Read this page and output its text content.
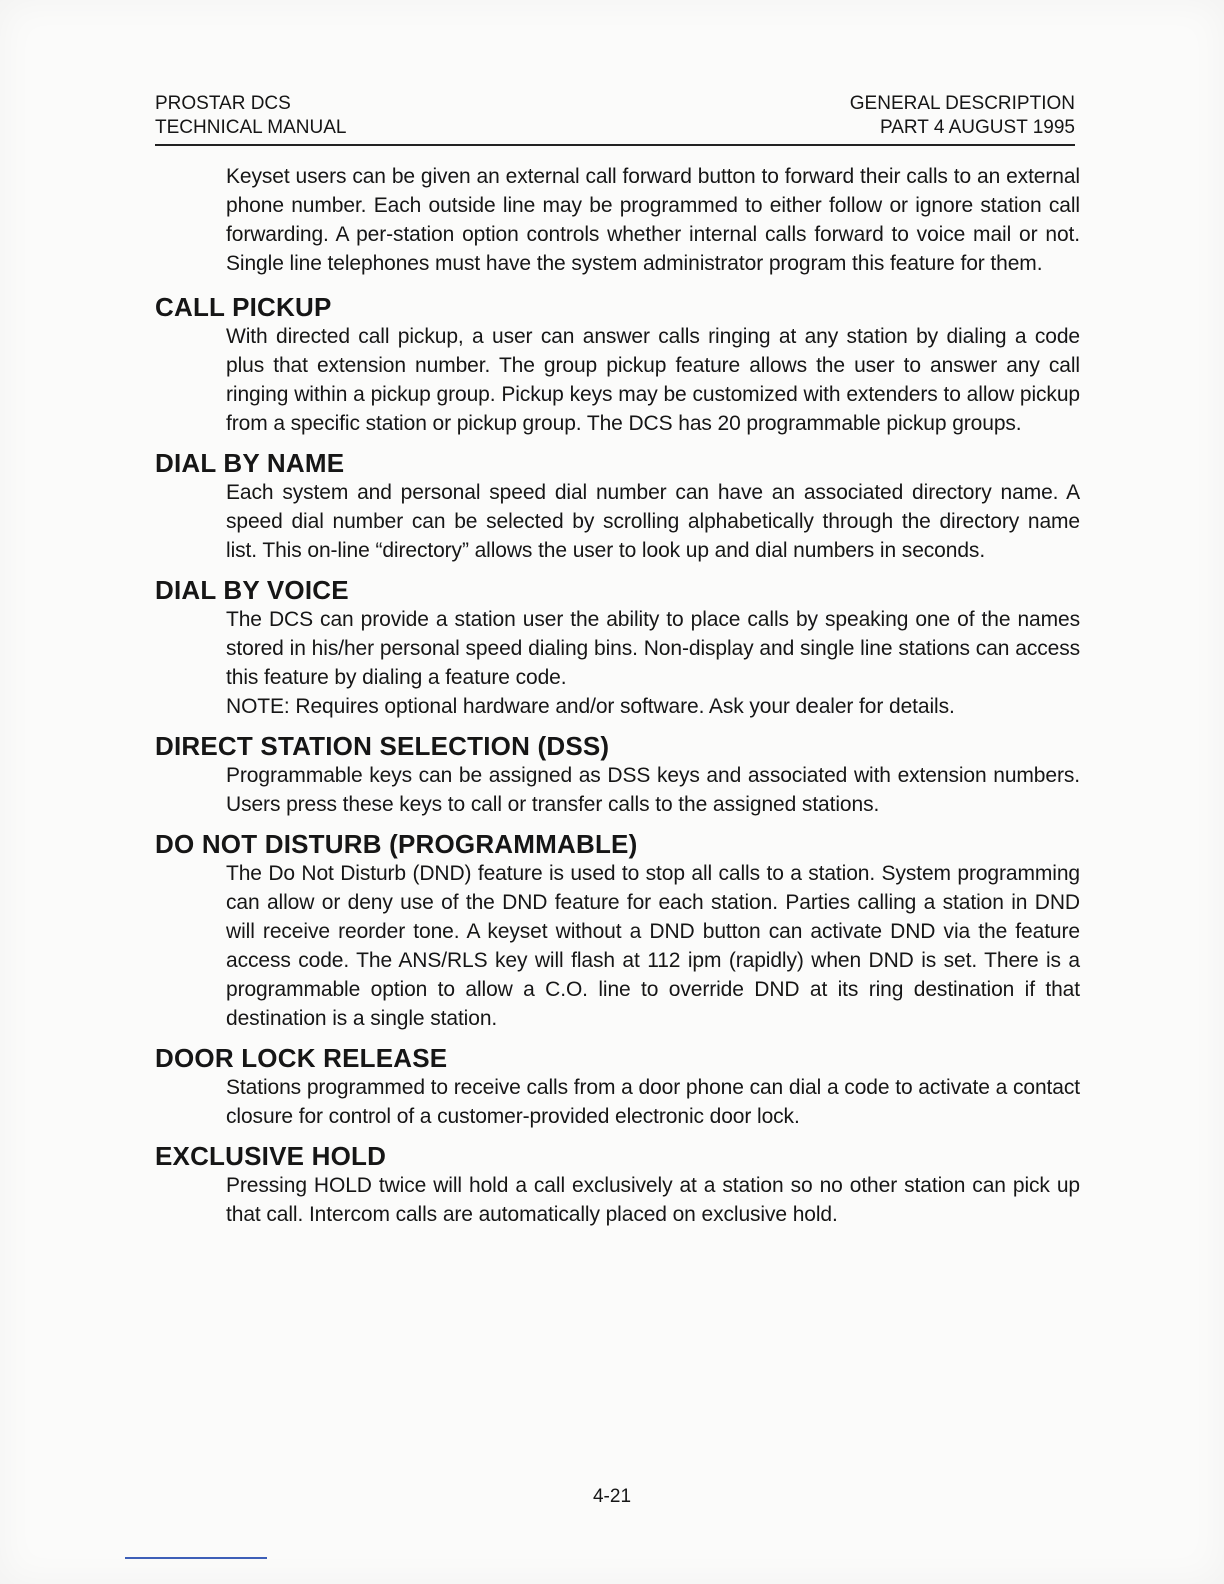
PROSTAR DCS
TECHNICAL MANUAL
GENERAL DESCRIPTION
PART 4 AUGUST 1995

Keyset users can be given an external call forward button to forward their calls to an external phone number. Each outside line may be programmed to either follow or ignore station call forwarding. A per-station option controls whether internal calls forward to voice mail or not. Single line telephones must have the system administrator program this feature for them.

CALL PICKUP

With directed call pickup, a user can answer calls ringing at any station by dialing a code plus that extension number. The group pickup feature allows the user to answer any call ringing within a pickup group. Pickup keys may be customized with extenders to allow pickup from a specific station or pickup group. The DCS has 20 programmable pickup groups.

DIAL BY NAME

Each system and personal speed dial number can have an associated directory name. A speed dial number can be selected by scrolling alphabetically through the directory name list. This on-line “directory” allows the user to look up and dial numbers in seconds.

DIAL BY VOICE

The DCS can provide a station user the ability to place calls by speaking one of the names stored in his/her personal speed dialing bins. Non-display and single line stations can access this feature by dialing a feature code.

NOTE: Requires optional hardware and/or software. Ask your dealer for details.

DIRECT STATION SELECTION (DSS)

Programmable keys can be assigned as DSS keys and associated with extension numbers. Users press these keys to call or transfer calls to the assigned stations.

DO NOT DISTURB (PROGRAMMABLE)

The Do Not Disturb (DND) feature is used to stop all calls to a station. System programming can allow or deny use of the DND feature for each station. Parties calling a station in DND will receive reorder tone. A keyset without a DND button can activate DND via the feature access code. The ANS/RLS key will flash at 112 ipm (rapidly) when DND is set. There is a programmable option to allow a C.O. line to override DND at its ring destination if that destination is a single station.

DOOR LOCK RELEASE

Stations programmed to receive calls from a door phone can dial a code to activate a contact closure for control of a customer-provided electronic door lock.

EXCLUSIVE HOLD

Pressing HOLD twice will hold a call exclusively at a station so no other station can pick up that call. Intercom calls are automatically placed on exclusive hold.

4-21
